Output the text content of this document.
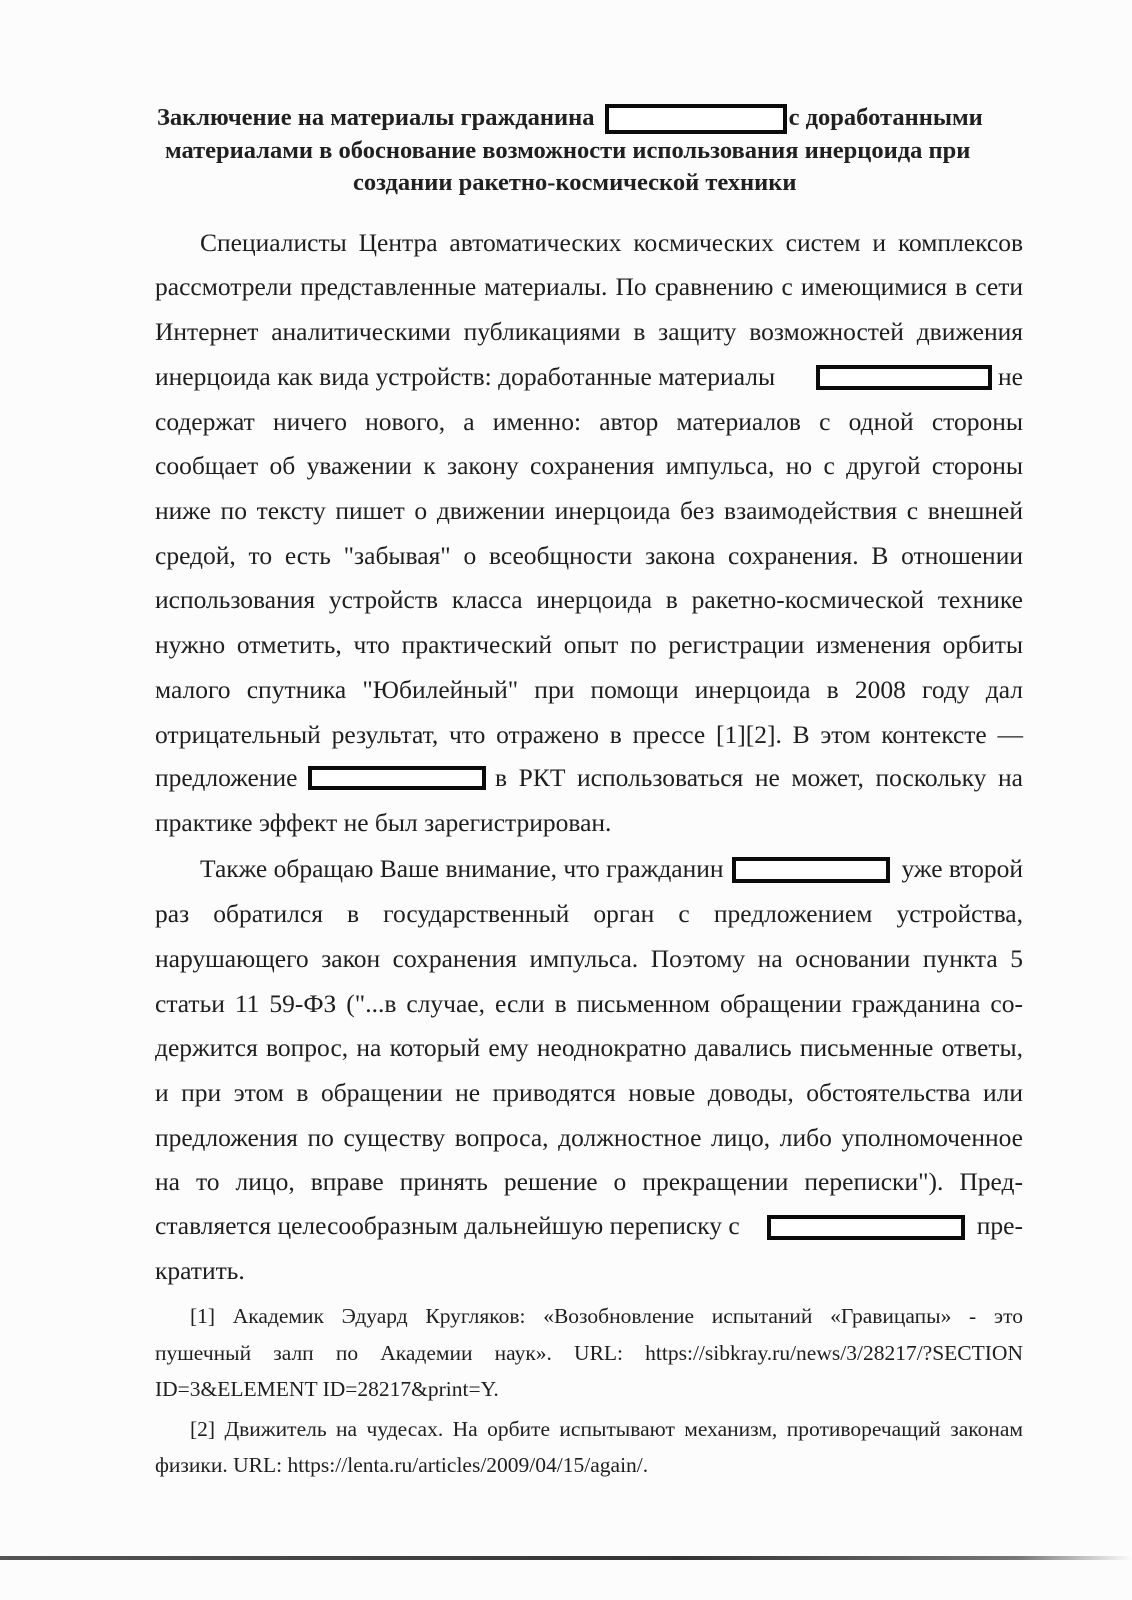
Заключение на материалы гражданина	с доработанными
материалами в обоснование возможности использования инерцоида при
создании ракетно-космической техники
Специалисты Центра автоматических космических систем и комплексов
рассмотрели представленные материалы. По сравнению с имеющимися в сети
Интернет аналитическими публикациями в защиту возможностей движения
инерцоида как вида устройств: доработанные материалы	не
содержат ничего нового, а именно: автор материалов с одной стороны
сообщает об уважении к закону сохранения импульса, но с другой стороны
ниже по тексту пишет о движении инерцоида без взаимодействия с внешней
средой, то есть "забывая" о всеобщности закона сохранения. В отношении
использования устройств класса инерцоида в ракетно-космической технике
нужно отметить, что практический опыт по регистрации изменения орбиты
малого спутника "Юбилейный" при помощи инерцоида в 2008 году дал
отрицательный результат, что отражено в прессе [1][2]. В этом контексте —
предложение	в РКТ использоваться не может, поскольку на
практике эффект не был зарегистрирован.
Также обращаю Ваше внимание, что гражданин	уже второй
раз обратился в государственный орган с предложением устройства,
нарушающего закон сохранения импульса. Поэтому на основании пункта 5
статьи 11 59-ФЗ ("...в случае, если в письменном обращении гражданина со-
держится вопрос, на который ему неоднократно давались письменные ответы,
и при этом в обращении не приводятся новые доводы, обстоятельства или
предложения по существу вопроса, должностное лицо, либо уполномоченное
на то лицо, вправе принять решение о прекращении переписки"). Пред-
ставляется целесообразным дальнейшую переписку с	пре-
кратить.
[1] Академик Эдуард Кругляков: «Возобновление испытаний «Гравицапы» - это
пушечный залп по Академии наук». URL: https://sibkray.ru/news/3/28217/?SECTION
ID=3&ELEMENT ID=28217&print=Y.
[2] Движитель на чудесах. На орбите испытывают механизм, противоречащий законам
физики. URL: https://lenta.ru/articles/2009/04/15/again/.
